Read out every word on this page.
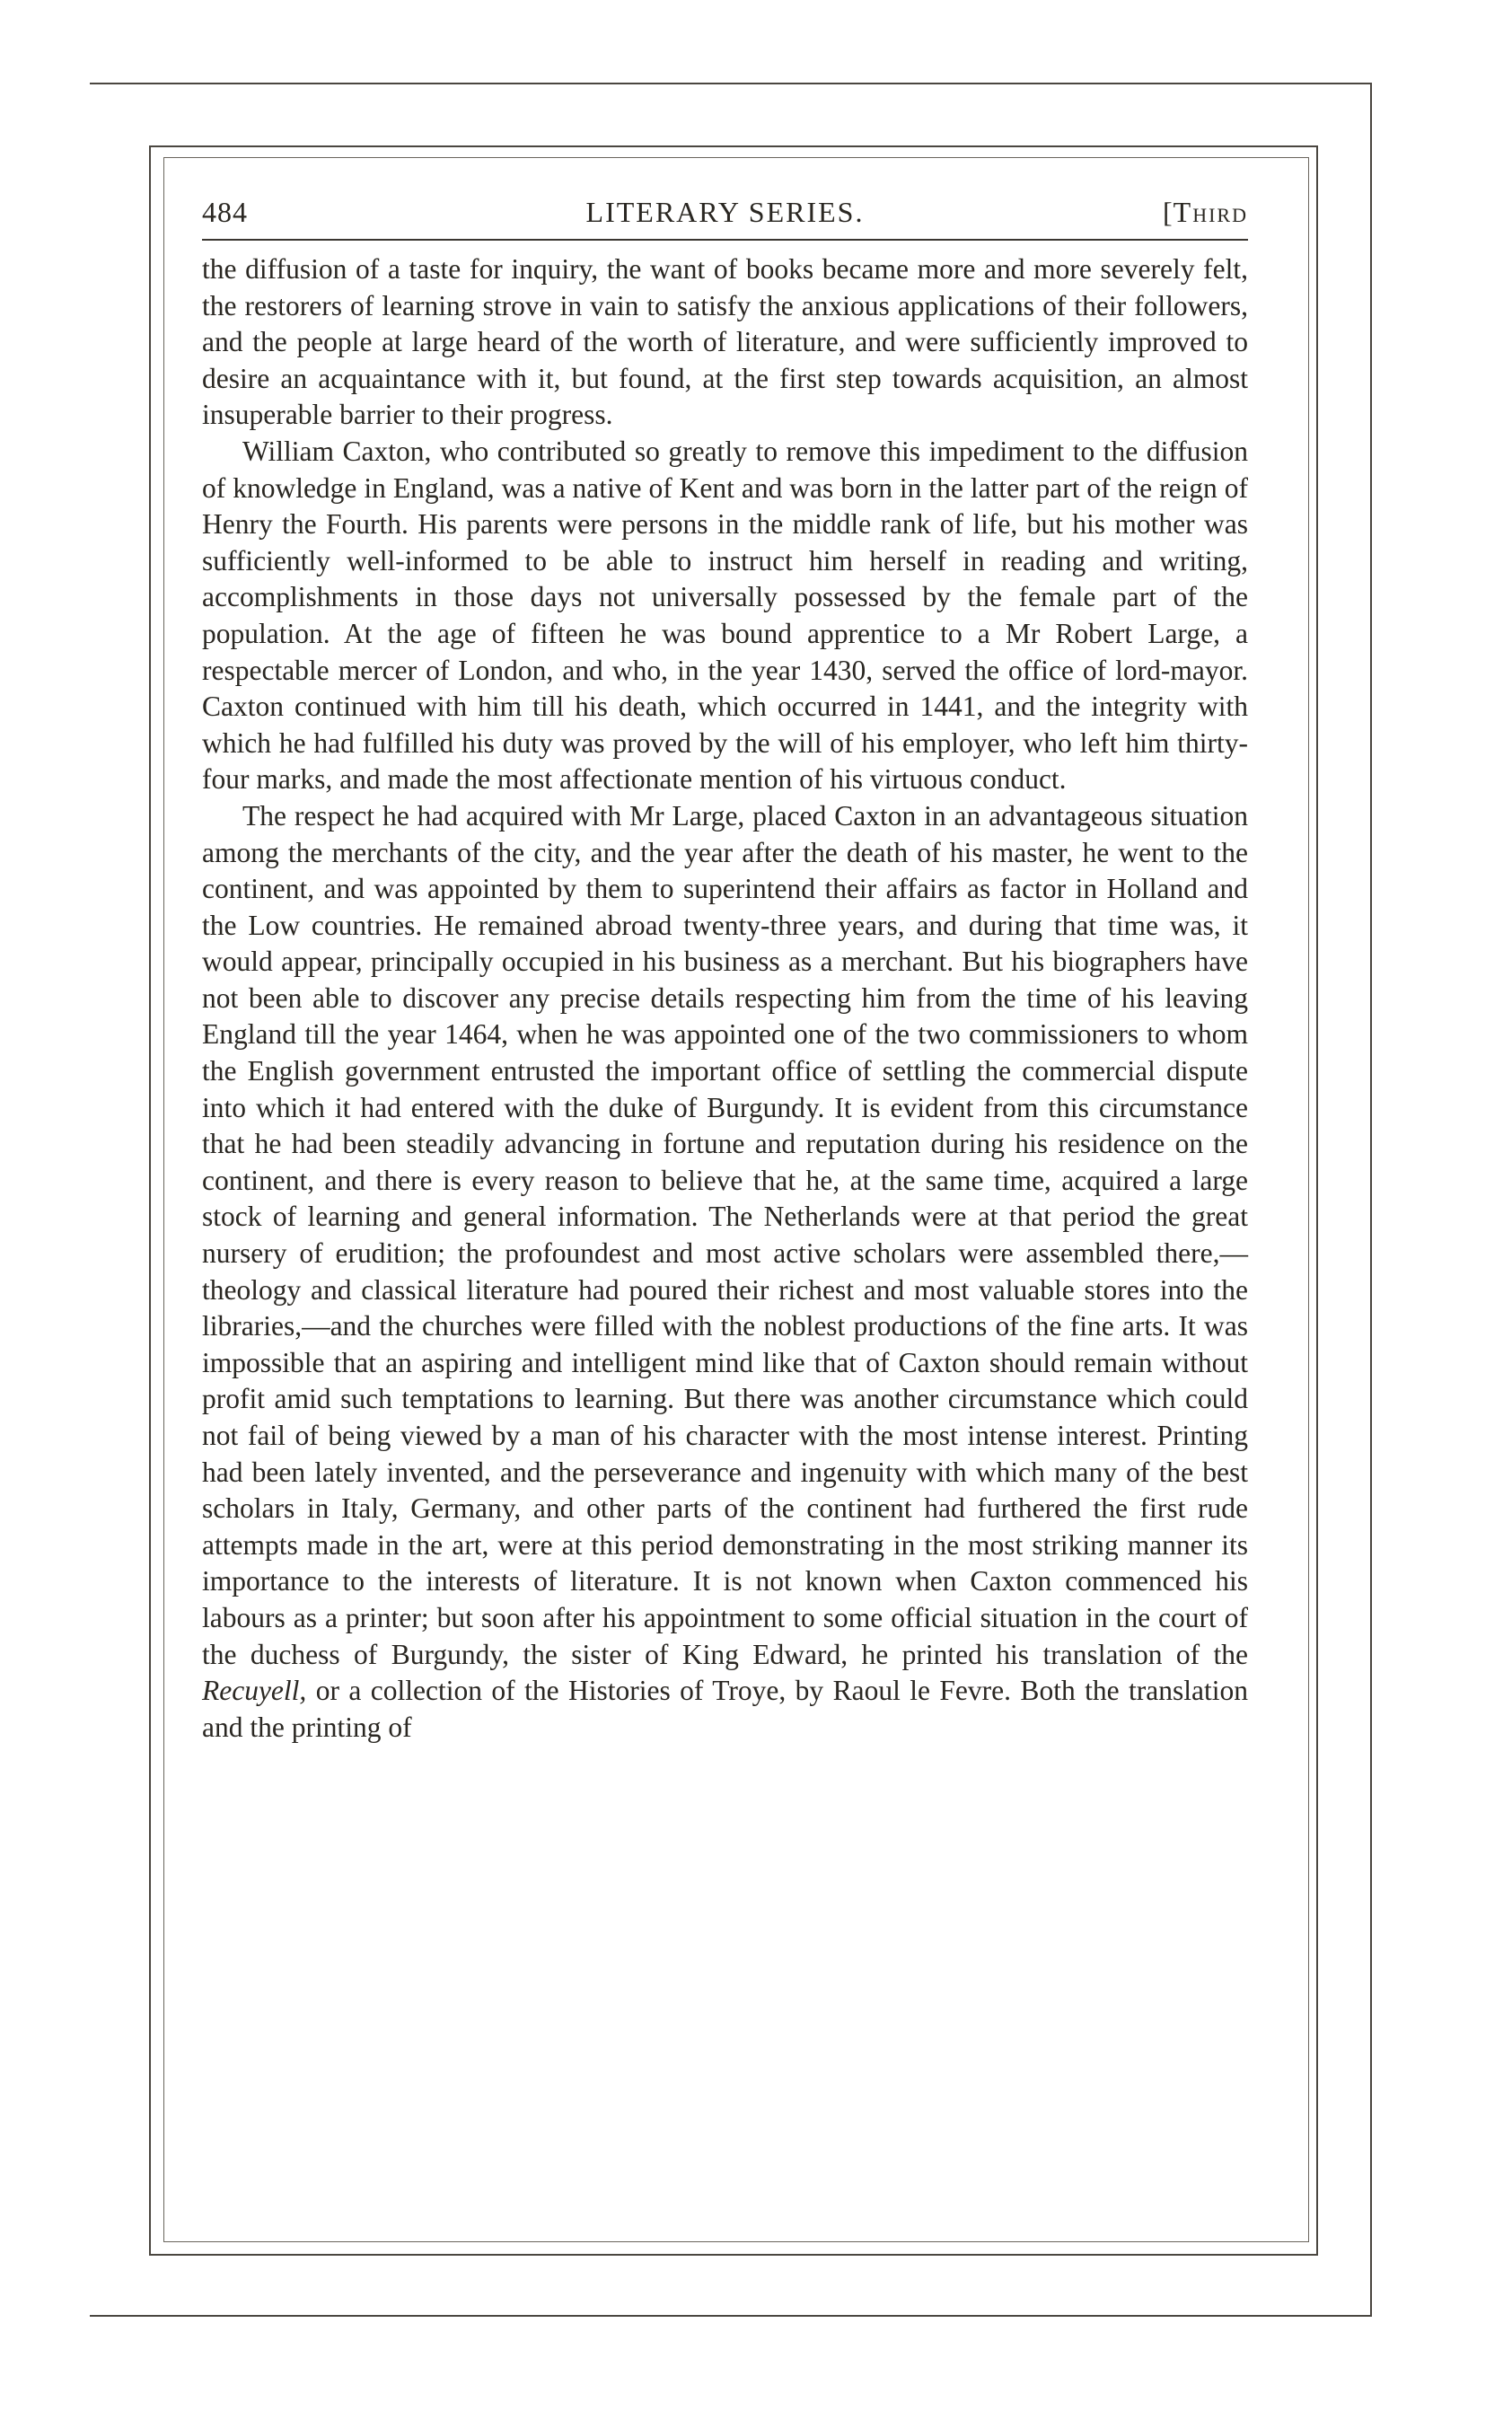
484	LITERARY SERIES.	[Third

the diffusion of a taste for inquiry, the want of books became more and more severely felt, the restorers of learning strove in vain to satisfy the anxious applications of their followers, and the people at large heard of the worth of literature, and were sufficiently improved to desire an acquaintance with it, but found, at the first step towards acquisition, an almost insuperable barrier to their progress.

William Caxton, who contributed so greatly to remove this impediment to the diffusion of knowledge in England, was a native of Kent and was born in the latter part of the reign of Henry the Fourth. His parents were persons in the middle rank of life, but his mother was sufficiently well-informed to be able to instruct him herself in reading and writing, accomplishments in those days not universally possessed by the female part of the population. At the age of fifteen he was bound apprentice to a Mr Robert Large, a respectable mercer of London, and who, in the year 1430, served the office of lord-mayor. Caxton continued with him till his death, which occurred in 1441, and the integrity with which he had fulfilled his duty was proved by the will of his employer, who left him thirty-four marks, and made the most affectionate mention of his virtuous conduct.

The respect he had acquired with Mr Large, placed Caxton in an advantageous situation among the merchants of the city, and the year after the death of his master, he went to the continent, and was appointed by them to superintend their affairs as factor in Holland and the Low countries. He remained abroad twenty-three years, and during that time was, it would appear, principally occupied in his business as a merchant. But his biographers have not been able to discover any precise details respecting him from the time of his leaving England till the year 1464, when he was appointed one of the two commissioners to whom the English government entrusted the important office of settling the commercial dispute into which it had entered with the duke of Burgundy. It is evident from this circumstance that he had been steadily advancing in fortune and reputation during his residence on the continent, and there is every reason to believe that he, at the same time, acquired a large stock of learning and general information. The Netherlands were at that period the great nursery of erudition; the profoundest and most active scholars were assembled there,—theology and classical literature had poured their richest and most valuable stores into the libraries,—and the churches were filled with the noblest productions of the fine arts. It was impossible that an aspiring and intelligent mind like that of Caxton should remain without profit amid such temptations to learning. But there was another circumstance which could not fail of being viewed by a man of his character with the most intense interest. Printing had been lately invented, and the perseverance and ingenuity with which many of the best scholars in Italy, Germany, and other parts of the continent had furthered the first rude attempts made in the art, were at this period demonstrating in the most striking manner its importance to the interests of literature. It is not known when Caxton commenced his labours as a printer; but soon after his appointment to some official situation in the court of the duchess of Burgundy, the sister of King Edward, he printed his translation of the Recuyell, or a collection of the Histories of Troye, by Raoul le Fevre. Both the translation and the printing of
